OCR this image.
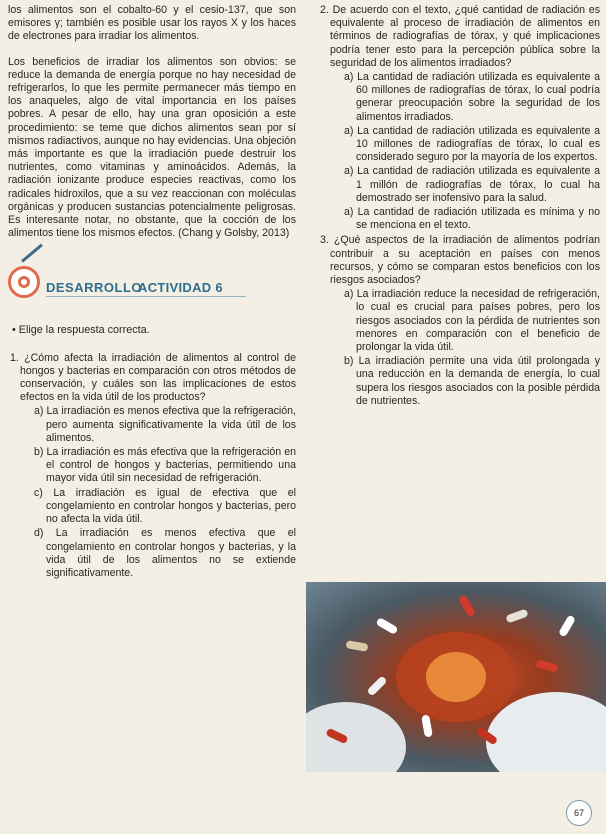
los alimentos son el cobalto-60 y el cesio-137, que son emisores γ; también es posible usar los rayos X y los haces de electrones para irradiar los alimentos.

Los beneficios de irradiar los alimentos son obvios: se reduce la demanda de energía porque no hay necesidad de refrigerarlos, lo que les permite permanecer más tiempo en los anaqueles, algo de vital importancia en los países pobres. A pesar de ello, hay una gran oposición a este procedimiento: se teme que dichos alimentos sean por sí mismos radiactivos, aunque no hay evidencias. Una objeción más importante es que la irradiación puede destruir los nutrientes, como vitaminas y aminoácidos. Además, la radiación ionizante produce especies reactivas, como los radicales hidroxilos, que a su vez reaccionan con moléculas orgánicas y producen sustancias potencialmente peligrosas. Es interesante notar, no obstante, que la cocción de los alimentos tiene los mismos efectos. (Chang y Golsby, 2013)

DESARROLLO
ACTIVIDAD 6
• Elige la respuesta correcta.
1. ¿Cómo afecta la irradiación de alimentos al control de hongos y bacterias en comparación con otros métodos de conservación, y cuáles son las implicaciones de estos efectos en la vida útil de los productos?
a) La irradiación es menos efectiva que la refrigeración, pero aumenta significativamente la vida útil de los alimentos.
b) La irradiación es más efectiva que la refrigeración en el control de hongos y bacterias, permitiendo una mayor vida útil sin necesidad de refrigeración.
c) La irradiación es igual de efectiva que el congelamiento en controlar hongos y bacterias, pero no afecta la vida útil.
d) La irradiación es menos efectiva que el congelamiento en controlar hongos y bacterias, y la vida útil de los alimentos no se extiende significativamente.
2. De acuerdo con el texto, ¿qué cantidad de radiación es equivalente al proceso de irradiación de alimentos en términos de radiografías de tórax, y qué implicaciones podría tener esto para la percepción pública sobre la seguridad de los alimentos irradiados?
a) La cantidad de radiación utilizada es equivalente a 60 millones de radiografías de tórax, lo cual podría generar preocupación sobre la seguridad de los alimentos irradiados.
a) La cantidad de radiación utilizada es equivalente a 10 millones de radiografías de tórax, lo cual es considerado seguro por la mayoría de los expertos.
a) La cantidad de radiación utilizada es equivalente a 1 millón de radiografías de tórax, lo cual ha demostrado ser inofensivo para la salud.
a) La cantidad de radiación utilizada es mínima y no se menciona en el texto.
3. ¿Qué aspectos de la irradiación de alimentos podrían contribuir a su aceptación en países con menos recursos, y cómo se comparan estos beneficios con los riesgos asociados?
a) La irradiación reduce la necesidad de refrigeración, lo cual es crucial para países pobres, pero los riesgos asociados con la pérdida de nutrientes son menores en comparación con el beneficio de prolongar la vida útil.
b) La irradiación permite una vida útil prolongada y una reducción en la demanda de energía, lo cual supera los riesgos asociados con la posible pérdida de nutrientes.
67
